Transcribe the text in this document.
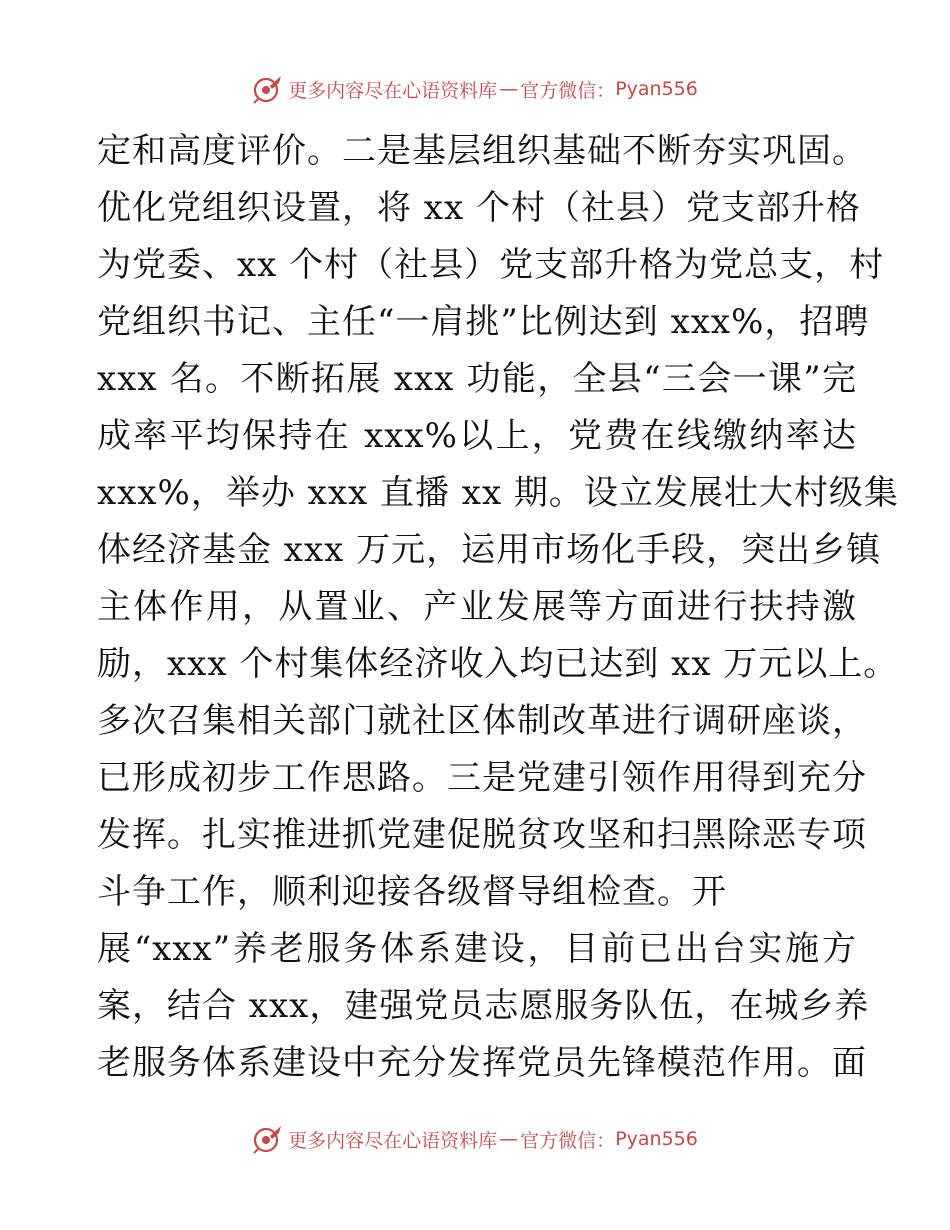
更多内容尽在心语资料库 — 官方微信： Pyan556
定和高度评价。二是基层组织基础不断夯实巩固。
优化党组织设置，将 xx 个村（社县）党支部升格
为党委、xx 个村（社县）党支部升格为党总支，村
党组织书记、主任“一肩挑”比例达到 xxx%，招聘
xxx 名。不断拓展 xxx 功能，全县“三会一课”完
成率平均保持在 xxx%以上，党费在线缴纳率达
xxx%，举办 xxx 直播 xx 期。设立发展壮大村级集
体经济基金 xxx 万元，运用市场化手段，突出乡镇
主体作用，从置业、产业发展等方面进行扶持激
励，xxx 个村集体经济收入均已达到 xx 万元以上。
多次召集相关部门就社区体制改革进行调研座谈，
已形成初步工作思路。三是党建引领作用得到充分
发挥。扎实推进抓党建促脱贫攻坚和扫黑除恶专项
斗争工作，顺利迎接各级督导组检查。开
展“xxx”养老服务体系建设，目前已出台实施方
案，结合 xxx，建强党员志愿服务队伍，在城乡养
老服务体系建设中充分发挥党员先锋模范作用。面
更多内容尽在心语资料库 — 官方微信： Pyan556
